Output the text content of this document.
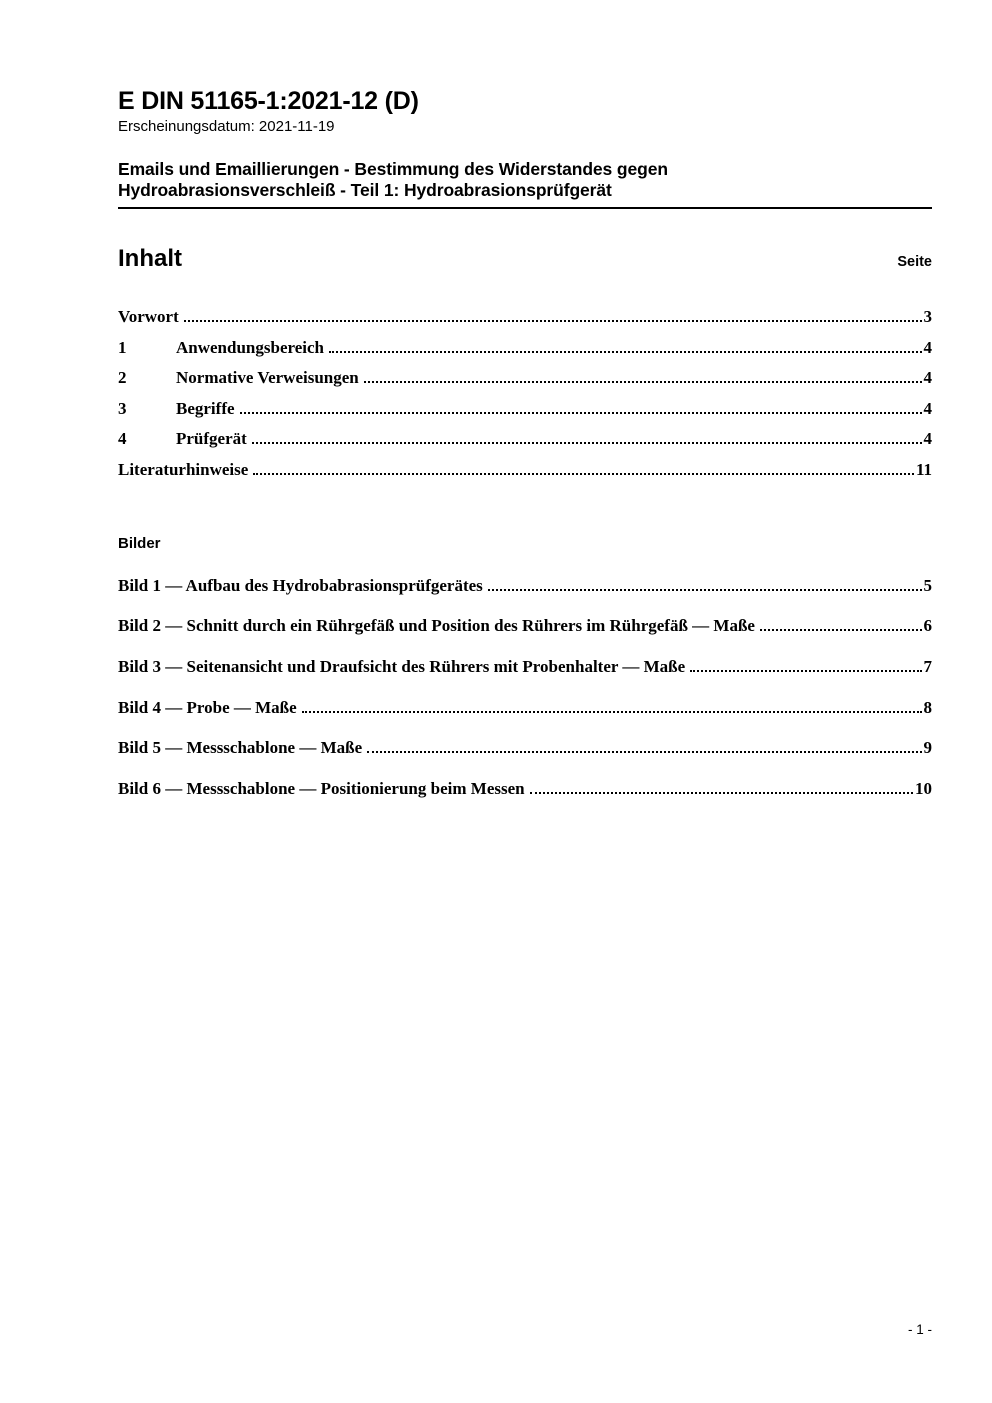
E DIN 51165-1:2021-12 (D)
Erscheinungsdatum: 2021-11-19
Emails und Emaillierungen - Bestimmung des Widerstandes gegen
Hydroabrasionsverschleiß - Teil 1: Hydroabrasionsprüfgerät
Inhalt	Seite
Vorwort	3
1	Anwendungsbereich	4
2	Normative Verweisungen	4
3	Begriffe	4
4	Prüfgerät	4
Literaturhinweise	11
Bilder
Bild 1 — Aufbau des Hydrobabrasionsprüfgerätes	5
Bild 2 — Schnitt durch ein Rührgefäß und Position des Rührers im Rührgefäß — Maße	6
Bild 3 — Seitenansicht und Draufsicht des Rührers mit Probenhalter — Maße	7
Bild 4 — Probe — Maße	8
Bild 5 — Messschablone — Maße	9
Bild 6 — Messschablone — Positionierung beim Messen	10
- 1 -
